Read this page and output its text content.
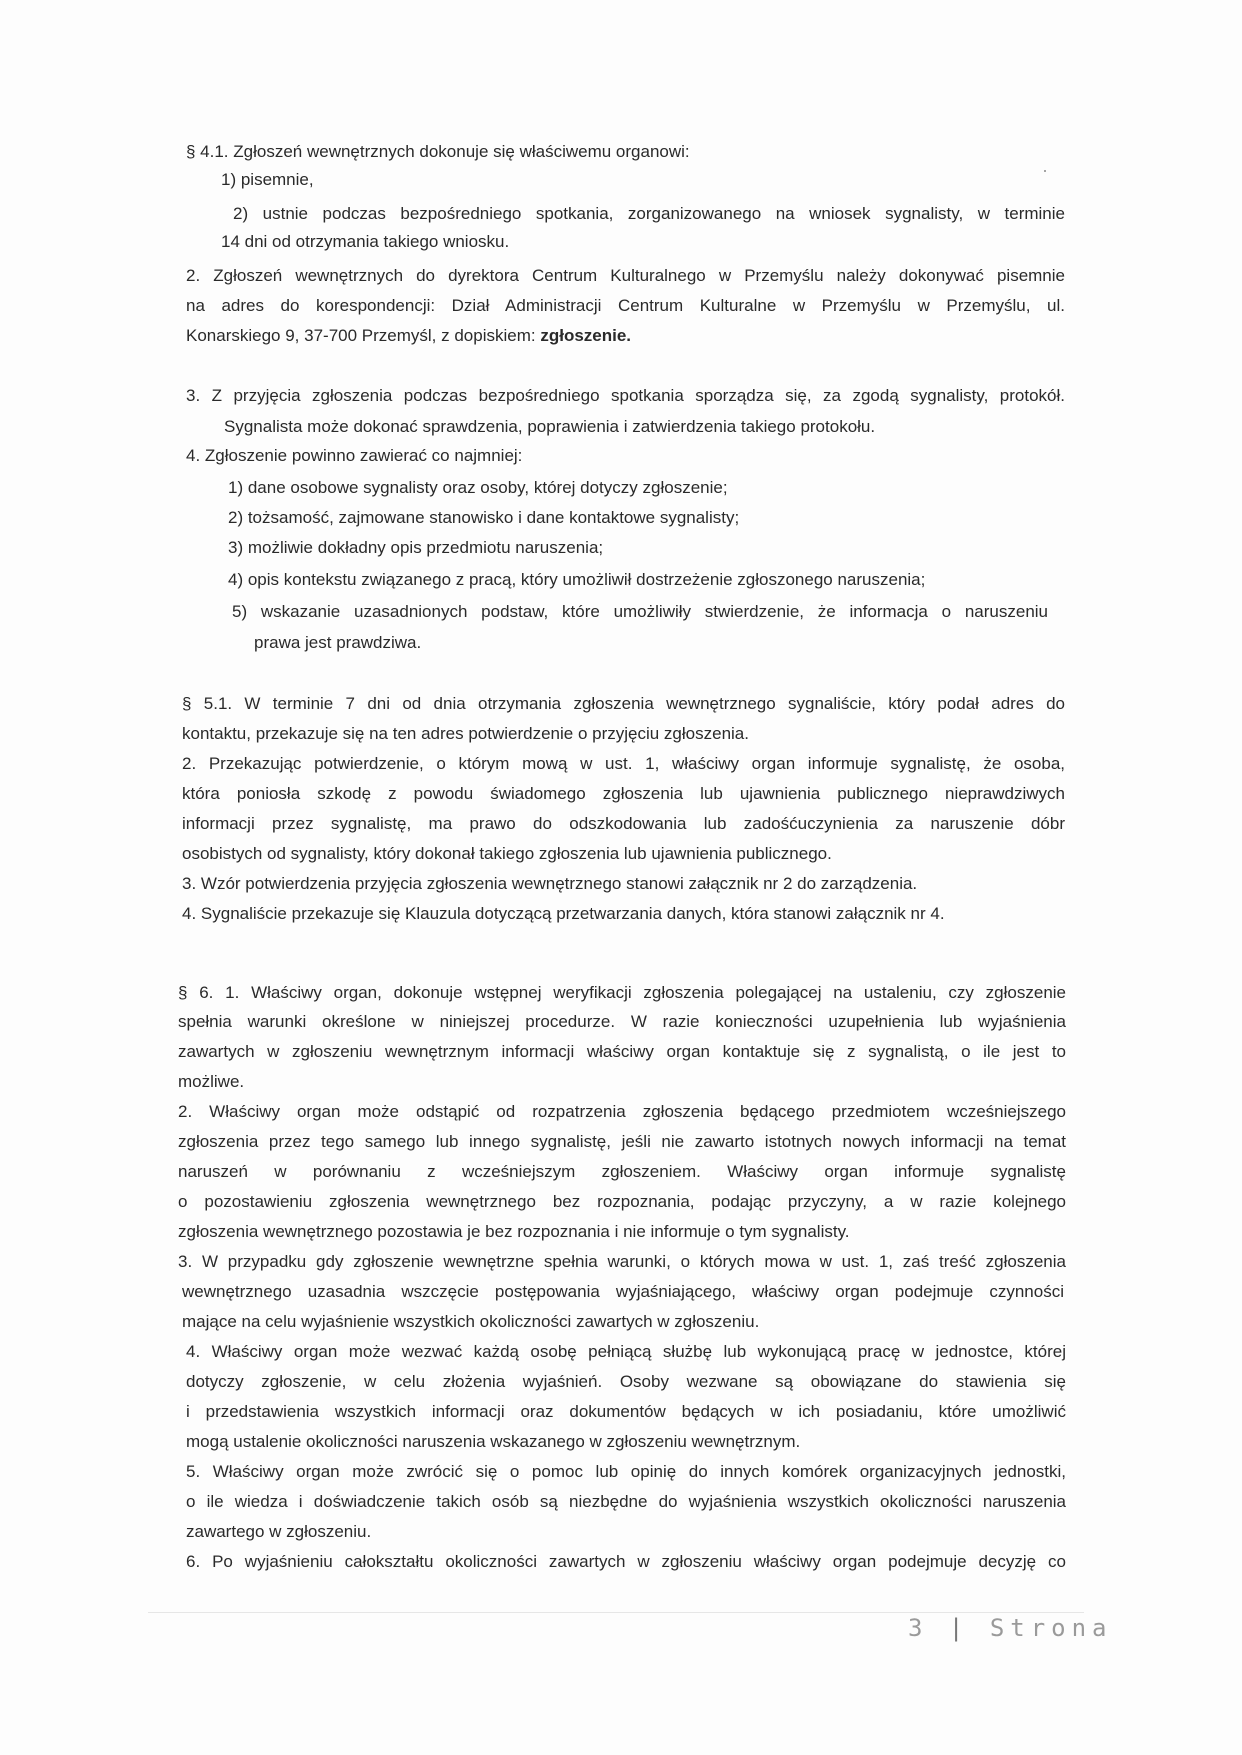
§ 4.1. Zgłoszeń wewnętrznych dokonuje się właściwemu organowi:
1) pisemnie,
2) ustnie podczas bezpośredniego spotkania, zorganizowanego na wniosek sygnalisty, w terminie
14 dni od otrzymania takiego wniosku.
2. Zgłoszeń wewnętrznych do dyrektora Centrum Kulturalnego w Przemyślu należy dokonywać pisemnie
na adres do korespondencji: Dział Administracji Centrum Kulturalne w Przemyślu w Przemyślu, ul.
Konarskiego 9, 37-700 Przemyśl, z dopiskiem: zgłoszenie.
3. Z przyjęcia zgłoszenia podczas bezpośredniego spotkania sporządza się, za zgodą sygnalisty, protokół.
Sygnalista może dokonać sprawdzenia, poprawienia i zatwierdzenia takiego protokołu.
4. Zgłoszenie powinno zawierać co najmniej:
1) dane osobowe sygnalisty oraz osoby, której dotyczy zgłoszenie;
2) tożsamość, zajmowane stanowisko i dane kontaktowe sygnalisty;
3) możliwie dokładny opis przedmiotu naruszenia;
4) opis kontekstu związanego z pracą, który umożliwił dostrzeżenie zgłoszonego naruszenia;
5) wskazanie uzasadnionych podstaw, które umożliwiły stwierdzenie, że informacja o naruszeniu
prawa jest prawdziwa.
§ 5.1. W terminie 7 dni od dnia otrzymania zgłoszenia wewnętrznego sygnaliście, który podał adres do
kontaktu, przekazuje się na ten adres potwierdzenie o przyjęciu zgłoszenia.
2. Przekazując potwierdzenie, o którym mową w ust. 1, właściwy organ informuje sygnalistę, że osoba,
która poniosła szkodę z powodu świadomego zgłoszenia lub ujawnienia publicznego nieprawdziwych
informacji przez sygnalistę, ma prawo do odszkodowania lub zadośćuczynienia za naruszenie dóbr
osobistych od sygnalisty, który dokonał takiego zgłoszenia lub ujawnienia publicznego.
3. Wzór potwierdzenia przyjęcia zgłoszenia wewnętrznego stanowi załącznik nr 2 do zarządzenia.
4. Sygnaliście przekazuje się Klauzula dotyczącą przetwarzania danych, która stanowi załącznik nr 4.
§ 6. 1. Właściwy organ, dokonuje wstępnej weryfikacji zgłoszenia polegającej na ustaleniu, czy zgłoszenie
spełnia warunki określone w niniejszej procedurze. W razie konieczności uzupełnienia lub wyjaśnienia
zawartych w zgłoszeniu wewnętrznym informacji właściwy organ kontaktuje się z sygnalistą, o ile jest to
możliwe.
2. Właściwy organ może odstąpić od rozpatrzenia zgłoszenia będącego przedmiotem wcześniejszego
zgłoszenia przez tego samego lub innego sygnalistę, jeśli nie zawarto istotnych nowych informacji na temat
naruszeń w porównaniu z wcześniejszym zgłoszeniem. Właściwy organ informuje sygnalistę
o pozostawieniu zgłoszenia wewnętrznego bez rozpoznania, podając przyczyny, a w razie kolejnego
zgłoszenia wewnętrznego pozostawia je bez rozpoznania i nie informuje o tym sygnalisty.
3. W przypadku gdy zgłoszenie wewnętrzne spełnia warunki, o których mowa w ust. 1, zaś treść zgłoszenia
wewnętrznego uzasadnia wszczęcie postępowania wyjaśniającego, właściwy organ podejmuje czynności
mające na celu wyjaśnienie wszystkich okoliczności zawartych w zgłoszeniu.
4. Właściwy organ może wezwać każdą osobę pełniącą służbę lub wykonującą pracę w jednostce, której
dotyczy zgłoszenie, w celu złożenia wyjaśnień. Osoby wezwane są obowiązane do stawienia się
i przedstawienia wszystkich informacji oraz dokumentów będących w ich posiadaniu, które umożliwić
mogą ustalenie okoliczności naruszenia wskazanego w zgłoszeniu wewnętrznym.
5. Właściwy organ może zwrócić się o pomoc lub opinię do innych komórek organizacyjnych jednostki,
o ile wiedza i doświadczenie takich osób są niezbędne do wyjaśnienia wszystkich okoliczności naruszenia
zawartego w zgłoszeniu.
6. Po wyjaśnieniu całokształtu okoliczności zawartych w zgłoszeniu właściwy organ podejmuje decyzję co
3 | Strona
